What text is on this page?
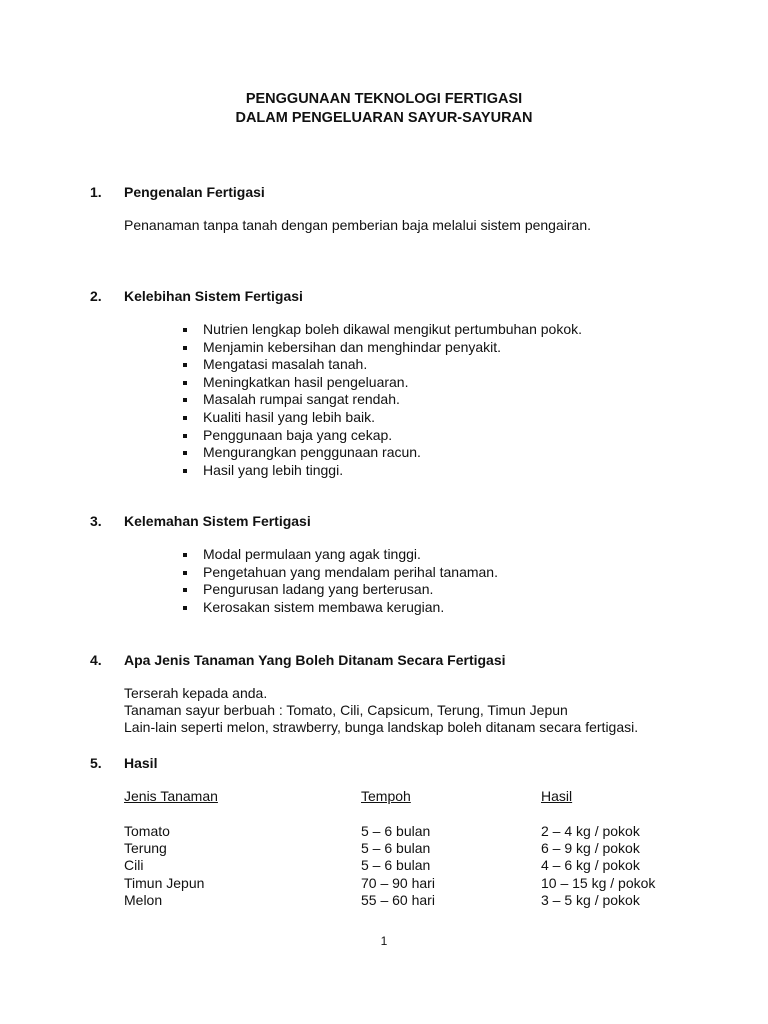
PENGGUNAAN TEKNOLOGI FERTIGASI
DALAM PENGELUARAN SAYUR-SAYURAN
1. Pengenalan Fertigasi
Penanaman tanpa tanah dengan pemberian baja melalui sistem pengairan.
2. Kelebihan Sistem Fertigasi
Nutrien lengkap boleh dikawal mengikut pertumbuhan pokok.
Menjamin kebersihan dan menghindar penyakit.
Mengatasi masalah tanah.
Meningkatkan hasil pengeluaran.
Masalah rumpai sangat rendah.
Kualiti hasil yang lebih baik.
Penggunaan baja yang cekap.
Mengurangkan penggunaan racun.
Hasil yang lebih tinggi.
3. Kelemahan Sistem Fertigasi
Modal permulaan yang agak tinggi.
Pengetahuan yang mendalam perihal tanaman.
Pengurusan ladang yang berterusan.
Kerosakan sistem membawa kerugian.
4. Apa Jenis Tanaman Yang Boleh Ditanam Secara Fertigasi
Terserah kepada anda.
Tanaman sayur berbuah : Tomato, Cili, Capsicum, Terung, Timun Jepun
Lain-lain seperti melon, strawberry, bunga landskap boleh ditanam secara fertigasi.
5. Hasil
Jenis Tanaman	Tempoh	Hasil
Tomato	5 – 6 bulan	2 – 4 kg / pokok
Terung	5 – 6 bulan	6 – 9 kg / pokok
Cili	5 – 6 bulan	4 – 6 kg / pokok
Timun Jepun	70 – 90 hari	10 – 15 kg / pokok
Melon	55 – 60 hari	3 – 5 kg / pokok
1
